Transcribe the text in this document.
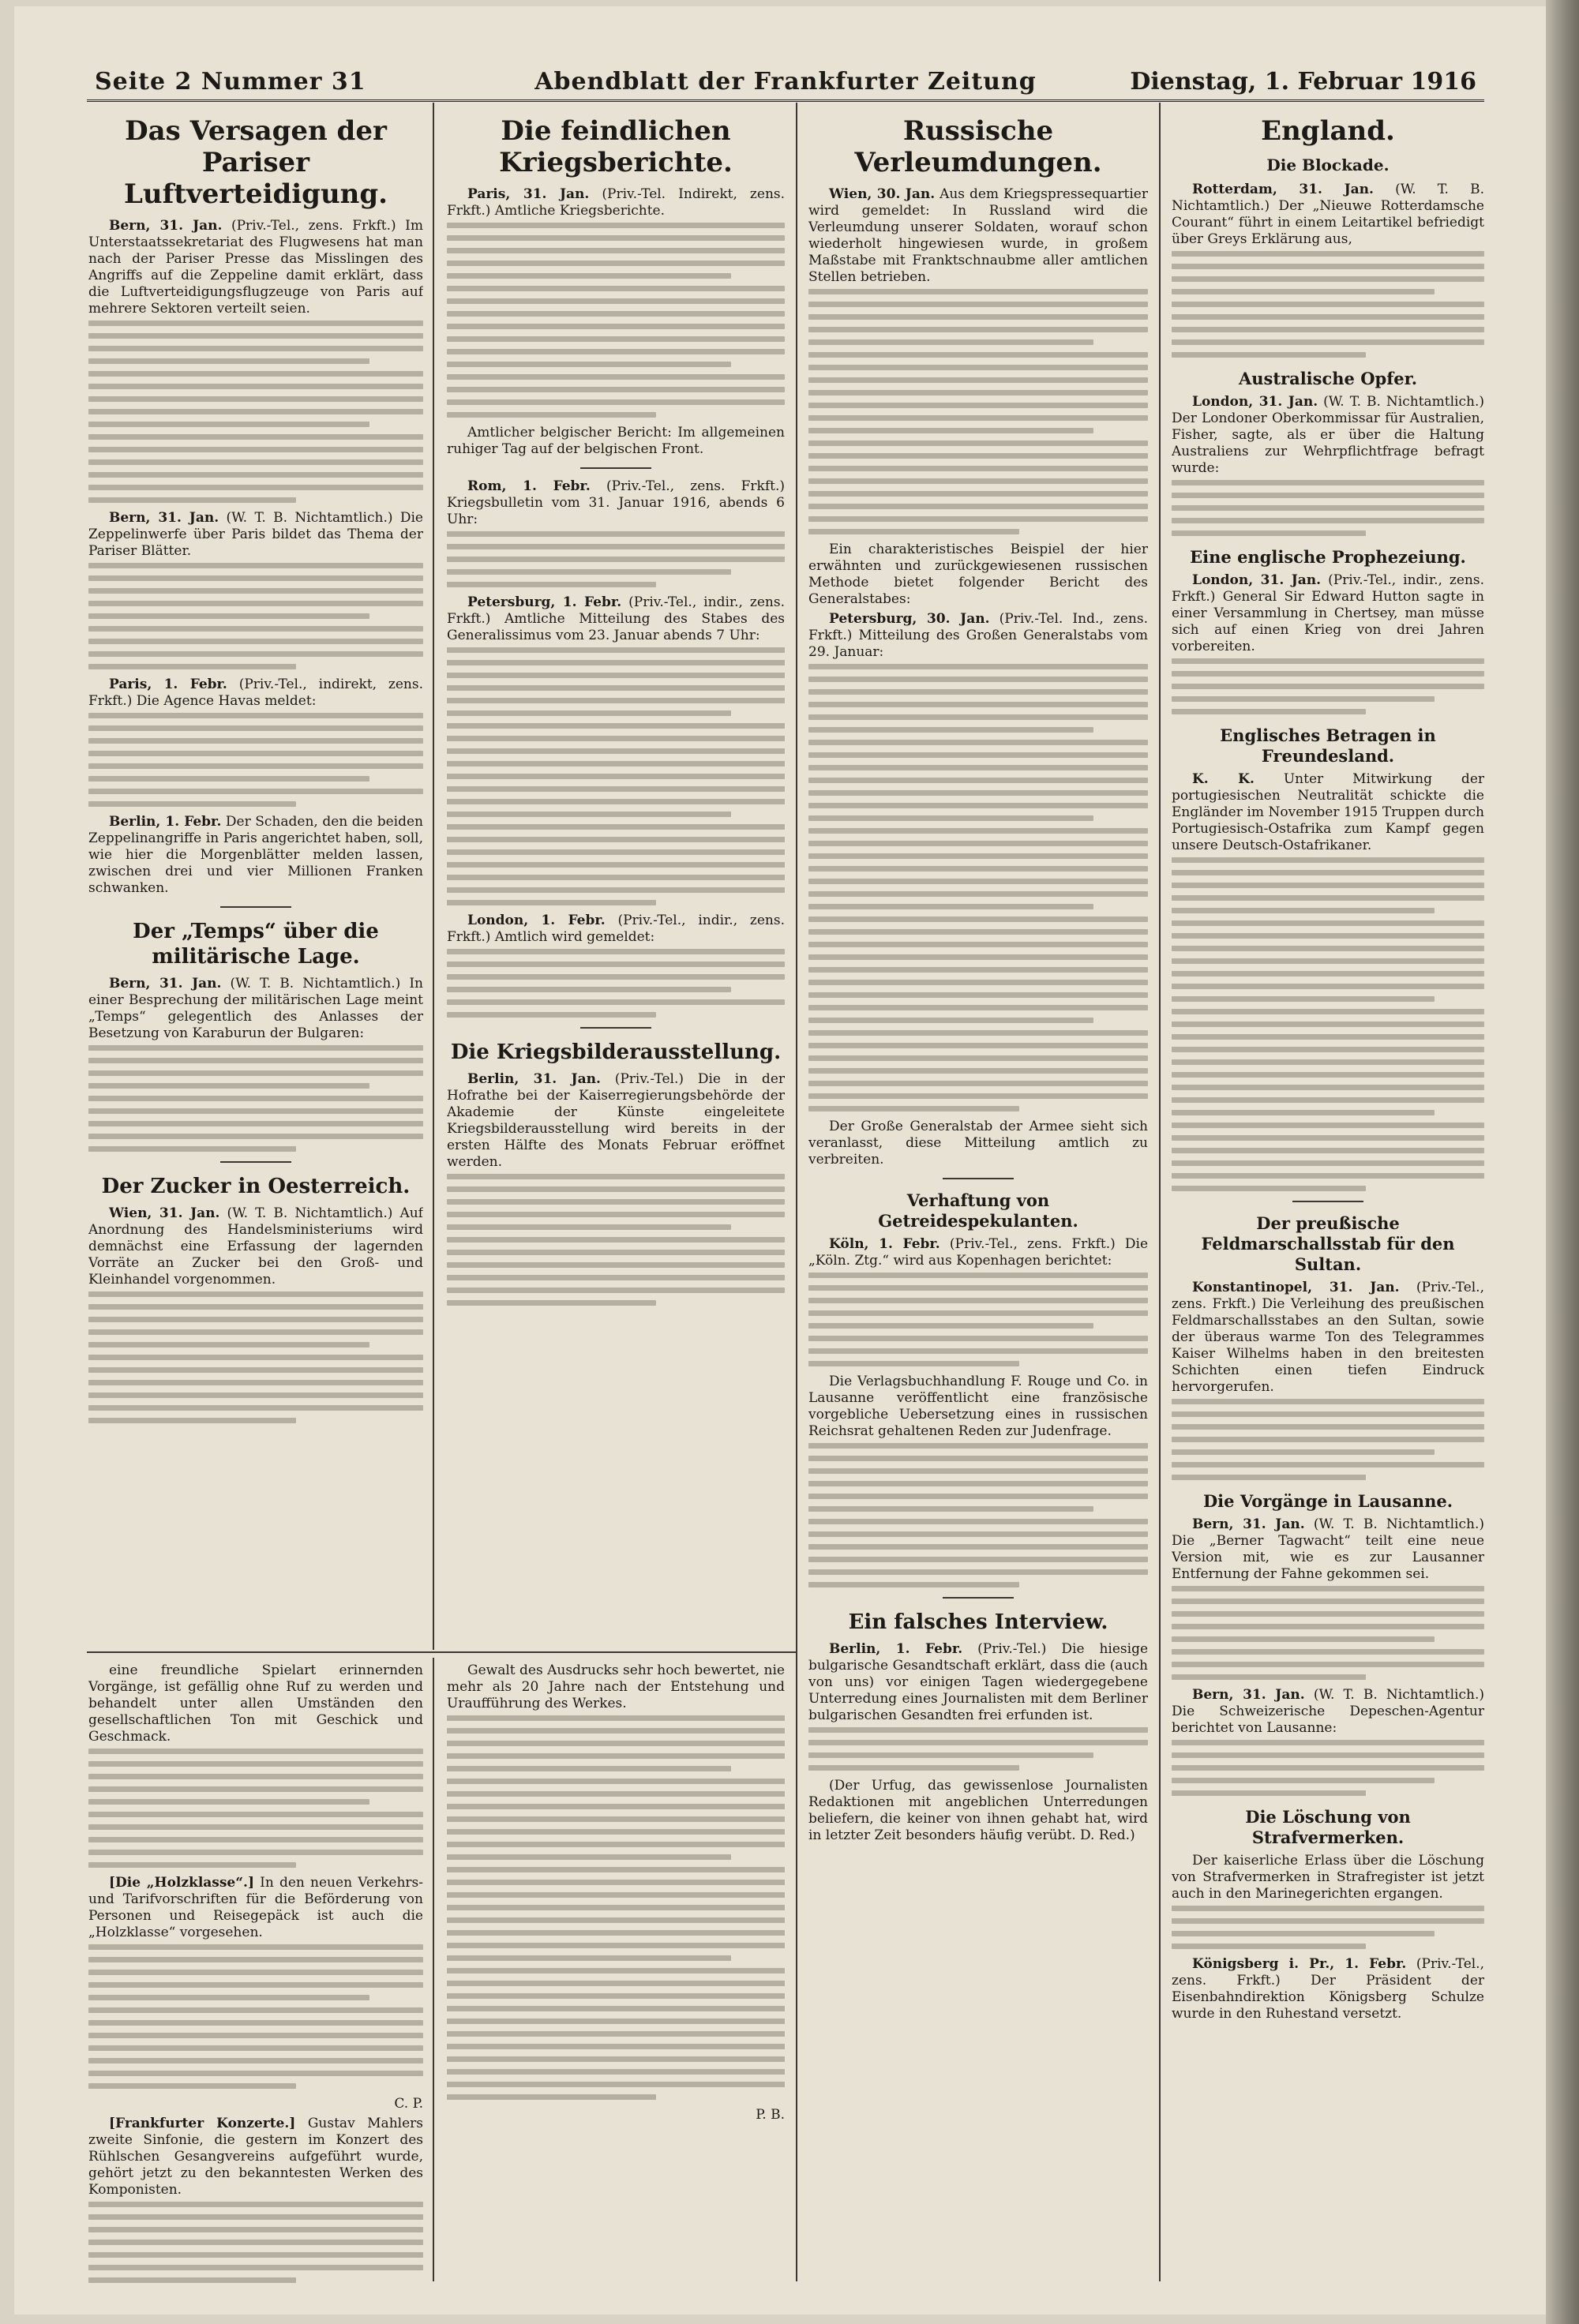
Seite 2 Nummer 31	Abendblatt der Frankfurter Zeitung	Dienstag, 1. Februar 1916
Das Versagen der Pariser Luftverteidigung.

Bern, 31. Jan. (Priv.-Tel., zens. Frkft.) Im Unterstaatssekretariat des Flugwesens hat man nach der Pariser Presse das Misslingen des Angriffs auf die Zeppeline damit erklärt, dass die Luftverteidigungsflugzeuge von Paris auf mehrere Sektoren verteilt seien.

Bern, 31. Jan. (W. T. B. Nichtamtlich.) Die Zeppelinwerfe über Paris bildet das Thema der Pariser Blätter.

Paris, 1. Febr. (Priv.-Tel., indirekt, zens. Frkft.) Die Agence Havas meldet:

Berlin, 1. Febr. Der Schaden, den die beiden Zeppelinangriffe in Paris angerichtet haben, soll, wie hier die Morgenblätter melden lassen, zwischen drei und vier Millionen Franken schwanken.

Der „Temps“ über die militärische Lage.

Bern, 31. Jan. (W. T. B. Nichtamtlich.) In einer Besprechung der militärischen Lage meint „Temps“ gelegentlich des Anlasses der Besetzung von Karaburun der Bulgaren:

Der Zucker in Oesterreich.

Wien, 31. Jan. (W. T. B. Nichtamtlich.) Auf Anordnung des Handelsministeriums wird demnächst eine Erfassung der lagernden Vorräte an Zucker bei den Groß- und Kleinhandel vorgenommen.

Die feindlichen Kriegsberichte.

Paris, 31. Jan. (Priv.-Tel. Indirekt, zens. Frkft.) Amtliche Kriegsberichte.

Amtlicher belgischer Bericht: Im allgemeinen ruhiger Tag auf der belgischen Front.

Rom, 1. Febr. (Priv.-Tel., zens. Frkft.) Kriegsbulletin vom 31. Januar 1916, abends 6 Uhr:

Petersburg, 1. Febr. (Priv.-Tel., indir., zens. Frkft.) Amtliche Mitteilung des Stabes des Generalissimus vom 23. Januar abends 7 Uhr:

London, 1. Febr. (Priv.-Tel., indir., zens. Frkft.) Amtlich wird gemeldet:

Die Kriegsbilderausstellung.

Berlin, 31. Jan. (Priv.-Tel.) Die in der Hofrathe bei der Kaiserregierungsbehörde der Akademie der Künste eingeleitete Kriegsbilderausstellung wird bereits in der ersten Hälfte des Monats Februar eröffnet werden.

Russische Verleumdungen.

Wien, 30. Jan. Aus dem Kriegspressequartier wird gemeldet: In Russland wird die Verleumdung unserer Soldaten, worauf schon wiederholt hingewiesen wurde, in großem Maßstabe mit Franktschnaubme aller amtlichen Stellen betrieben.

Ein charakteristisches Beispiel der hier erwähnten und zurückgewiesenen russischen Methode bietet folgender Bericht des Generalstabes:

Petersburg, 30. Jan. (Priv.-Tel. Ind., zens. Frkft.) Mitteilung des Großen Generalstabs vom 29. Januar:

Der Große Generalstab der Armee sieht sich veranlasst, diese Mitteilung amtlich zu verbreiten.

Verhaftung von Getreidespekulanten.

Köln, 1. Febr. (Priv.-Tel., zens. Frkft.) Die „Köln. Ztg.“ wird aus Kopenhagen berichtet:

Die Verlagsbuchhandlung F. Rouge und Co. in Lausanne veröffentlicht eine französische vorgebliche Uebersetzung eines in russischen Reichsrat gehaltenen Reden zur Judenfrage.

Ein falsches Interview.

Berlin, 1. Febr. (Priv.-Tel.) Die hiesige bulgarische Gesandtschaft erklärt, dass die (auch von uns) vor einigen Tagen wiedergegebene Unterredung eines Journalisten mit dem Berliner bulgarischen Gesandten frei erfunden ist.

(Der Urfug, das gewissenlose Journalisten Redaktionen mit angeblichen Unterredungen beliefern, die keiner von ihnen gehabt hat, wird in letzter Zeit besonders häufig verübt. D. Red.)

England.
Die Blockade.

Rotterdam, 31. Jan. (W. T. B. Nichtamtlich.) Der „Nieuwe Rotterdamsche Courant“ führt in einem Leitartikel befriedigt über Greys Erklärung aus,

Australische Opfer.

London, 31. Jan. (W. T. B. Nichtamtlich.) Der Londoner Oberkommissar für Australien, Fisher, sagte, als er über die Haltung Australiens zur Wehrpflichtfrage befragt wurde:

Eine englische Prophezeiung.

London, 31. Jan. (Priv.-Tel., indir., zens. Frkft.) General Sir Edward Hutton sagte in einer Versammlung in Chertsey, man müsse sich auf einen Krieg von drei Jahren vorbereiten.

Englisches Betragen in Freundesland.

K. K. Unter Mitwirkung der portugiesischen Neutralität schickte die Engländer im November 1915 Truppen durch Portugiesisch-Ostafrika zum Kampf gegen unsere Deutsch-Ostafrikaner.

Der preußische Feldmarschallsstab für den Sultan.

Konstantinopel, 31. Jan. (Priv.-Tel., zens. Frkft.) Die Verleihung des preußischen Feldmarschallsstabes an den Sultan, sowie der überaus warme Ton des Telegrammes Kaiser Wilhelms haben in den breitesten Schichten einen tiefen Eindruck hervorgerufen.

Die Vorgänge in Lausanne.

Bern, 31. Jan. (W. T. B. Nichtamtlich.) Die „Berner Tagwacht“ teilt eine neue Version mit, wie es zur Lausanner Entfernung der Fahne gekommen sei.

Bern, 31. Jan. (W. T. B. Nichtamtlich.) Die Schweizerische Depeschen-Agentur berichtet von Lausanne:

Die Löschung von Strafvermerken.

Der kaiserliche Erlass über die Löschung von Strafvermerken in Strafregister ist jetzt auch in den Marinegerichten ergangen.

Königsberg i. Pr., 1. Febr. (Priv.-Tel., zens. Frkft.) Der Präsident der Eisenbahndirektion Königsberg Schulze wurde in den Ruhestand versetzt.

eine freundliche Spielart erinnernden Vorgänge, ist gefällig ohne Ruf zu werden und behandelt unter allen Umständen den gesellschaftlichen Ton mit Geschick und Geschmack.

[Die „Holzklasse“.] In den neuen Verkehrs- und Tarifvorschriften für die Beförderung von Personen und Reisegepäck ist auch die „Holzklasse“ vorgesehen.

C. P.

[Frankfurter Konzerte.] Gustav Mahlers zweite Sinfonie, die gestern im Konzert des Rühlschen Gesangvereins aufgeführt wurde, gehört jetzt zu den bekanntesten Werken des Komponisten.

Gewalt des Ausdrucks sehr hoch bewertet, nie mehr als 20 Jahre nach der Entstehung und Uraufführung des Werkes.

P. B.
